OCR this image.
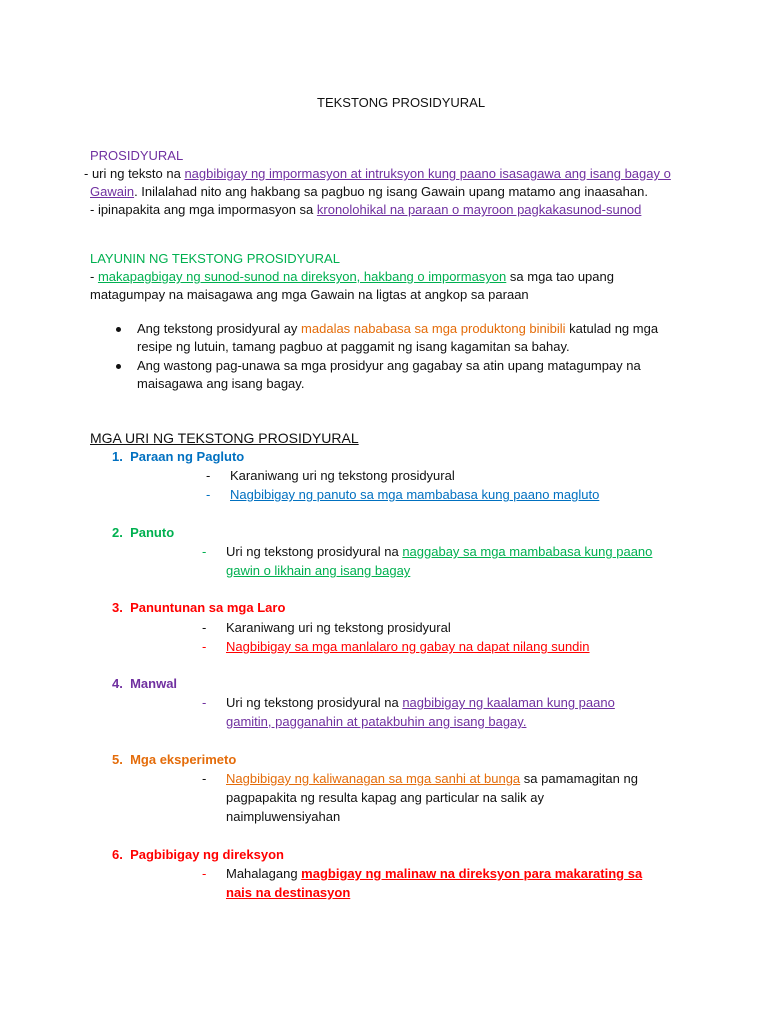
TEKSTONG PROSIDYURAL
PROSIDYURAL
- uri ng teksto na nagbibigay ng impormasyon at intruksyon kung paano isasagawa ang isang bagay o
Gawain. Inilalahad nito ang hakbang sa pagbuo ng isang Gawain upang matamo ang inaasahan.
- ipinapakita ang mga impormasyon sa kronolohikal na paraan o mayroon pagkakasunod-sunod
LAYUNIN NG TEKSTONG PROSIDYURAL
- makapagbigay ng sunod-sunod na direksyon, hakbang o impormasyon sa mga tao upang
matagumpay na maisagawa ang mga Gawain na ligtas at angkop sa paraan
Ang tekstong prosidyural ay madalas nababasa sa mga produktong binibili katulad ng mga
resipe ng lutuin, tamang pagbuo at paggamit ng isang kagamitan sa bahay.
Ang wastong pag-unawa sa mga prosidyur ang gagabay sa atin upang matagumpay na
maisagawa ang isang bagay.
MGA URI NG TEKSTONG PROSIDYURAL
1. Paraan ng Pagluto
- Karaniwang uri ng tekstong prosidyural
- Nagbibigay ng panuto sa mga mambabasa kung paano magluto
2. Panuto
- Uri ng tekstong prosidyural na naggabay sa mga mambabasa kung paano
gawin o likhain ang isang bagay
3. Panuntunan sa mga Laro
- Karaniwang uri ng tekstong prosidyural
- Nagbibigay sa mga manlalaro ng gabay na dapat nilang sundin
4. Manwal
- Uri ng tekstong prosidyural na nagbibigay ng kaalaman kung paano
gamitin, pagganahin at patakbuhin ang isang bagay.
5. Mga eksperimeto
- Nagbibigay ng kaliwanagan sa mga sanhi at bunga sa pamamagitan ng
pagpapakita ng resulta kapag ang particular na salik ay
naimpluwensiyahan
6. Pagbibigay ng direksyon
- Mahalagang magbigay ng malinaw na direksyon para makarating sa
nais na destinasyon
